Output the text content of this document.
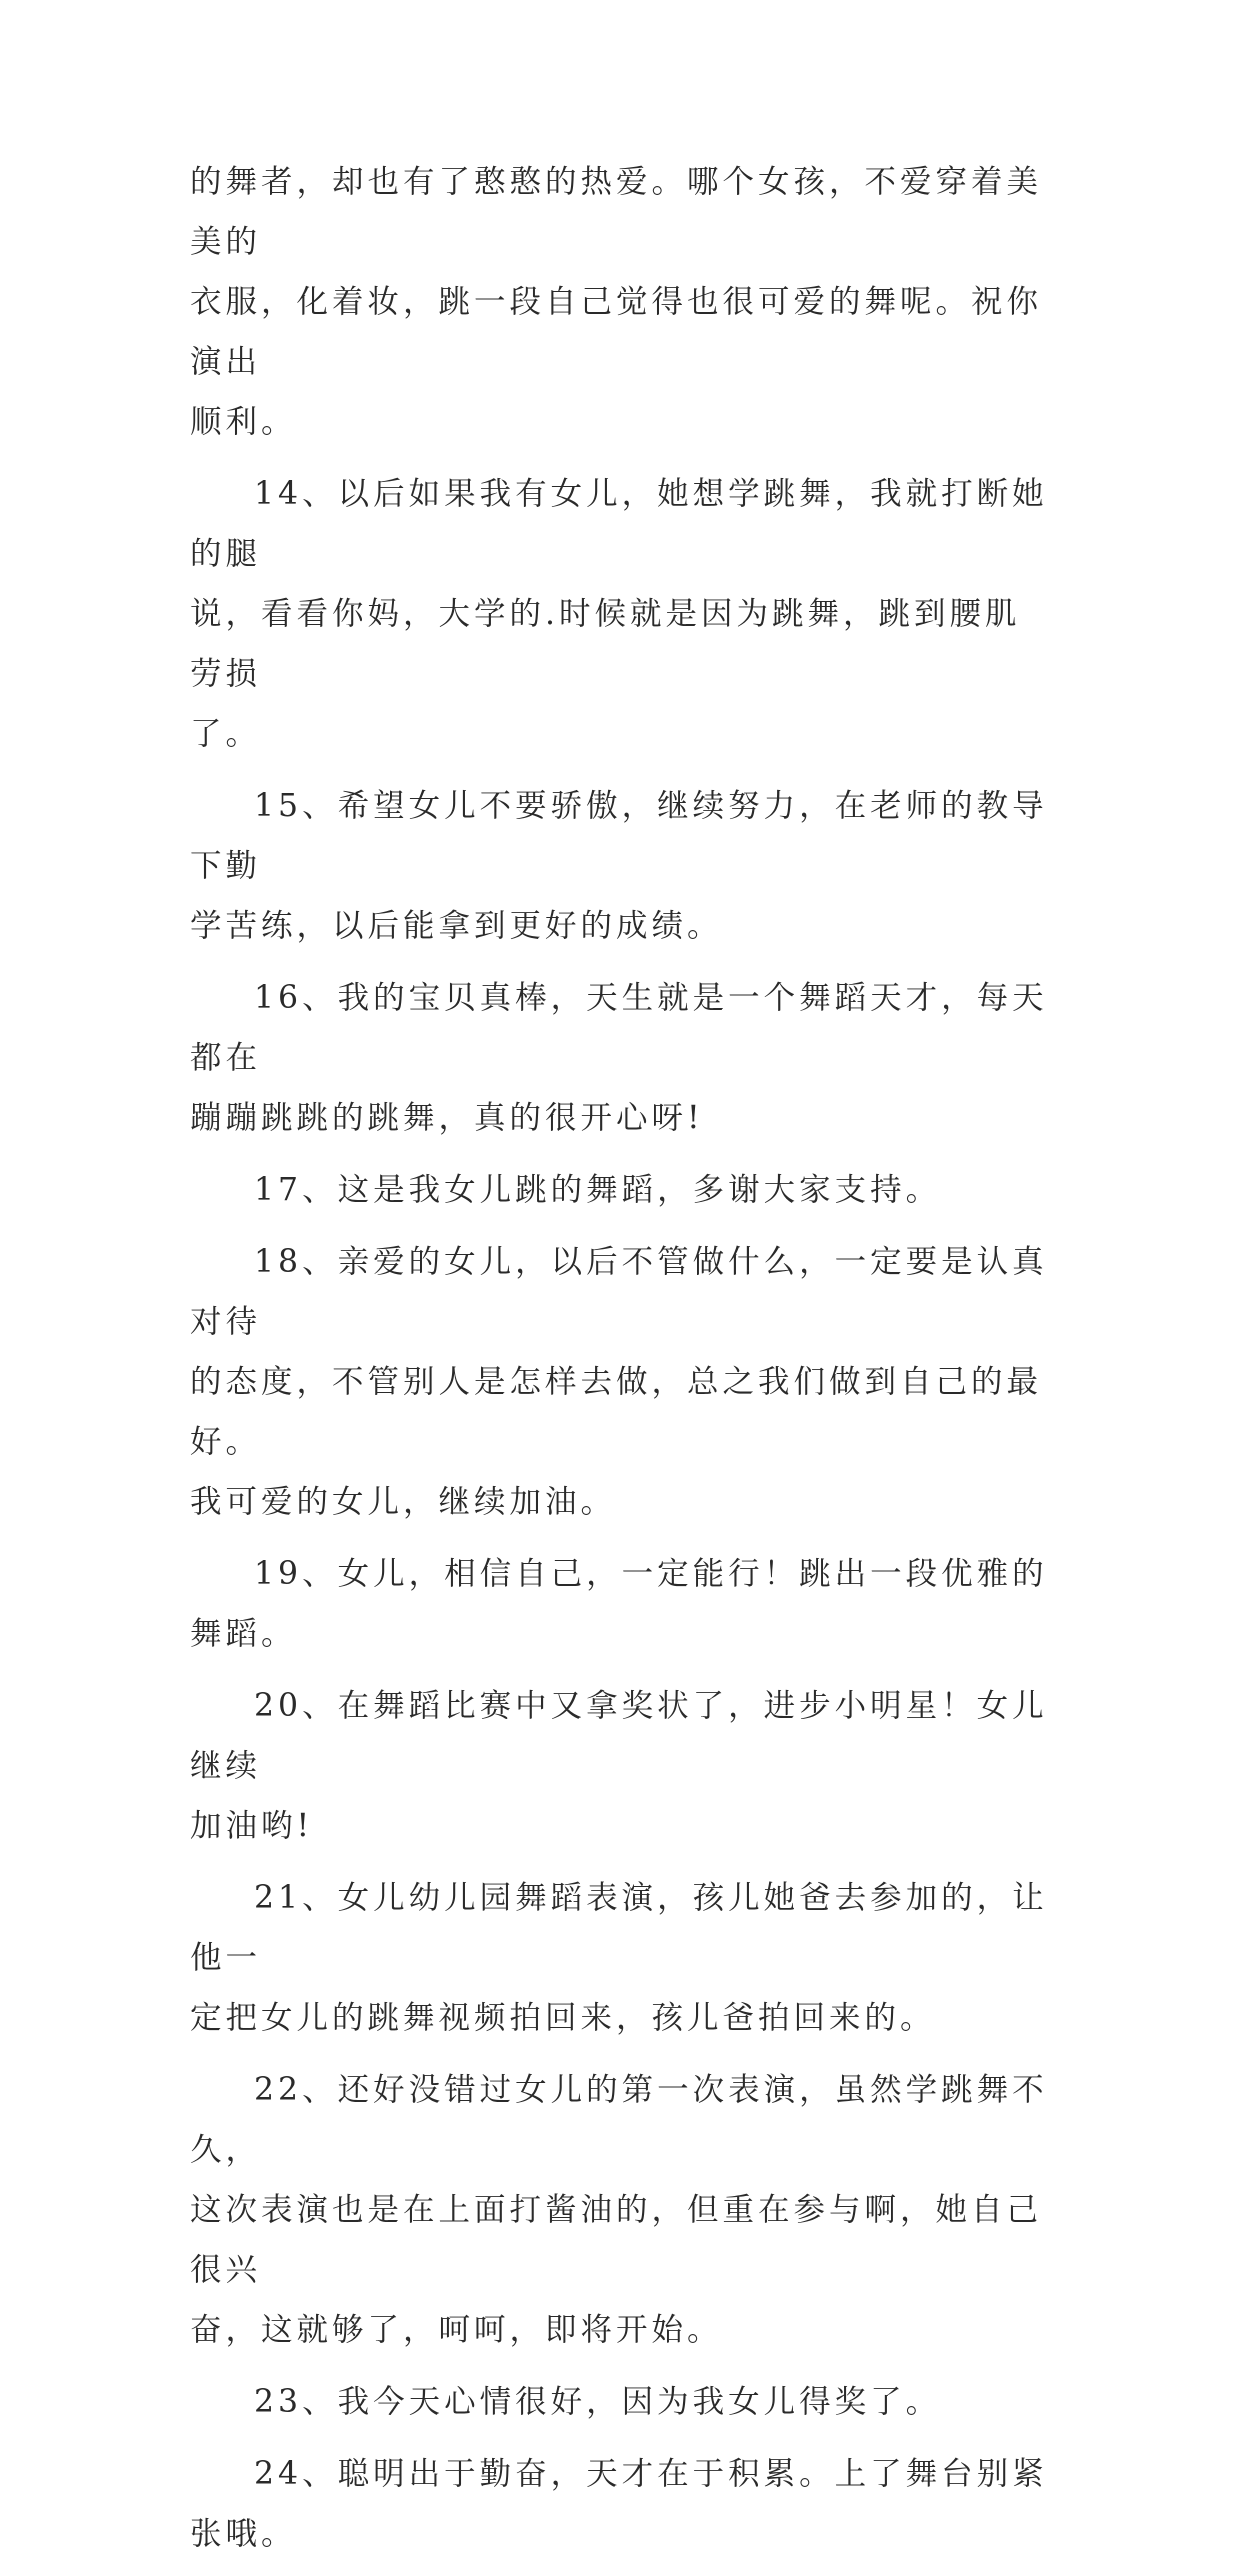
的舞者，却也有了憨憨的热爱。哪个女孩，不爱穿着美美的
衣服，化着妆，跳一段自己觉得也很可爱的舞呢。祝你演出
顺利。

14、以后如果我有女儿，她想学跳舞，我就打断她的腿
说，看看你妈，大学的.时候就是因为跳舞，跳到腰肌劳损
了。

15、希望女儿不要骄傲，继续努力，在老师的教导下勤
学苦练，以后能拿到更好的成绩。

16、我的宝贝真棒，天生就是一个舞蹈天才，每天都在
蹦蹦跳跳的跳舞，真的很开心呀!

17、这是我女儿跳的舞蹈，多谢大家支持。

18、亲爱的女儿，以后不管做什么，一定要是认真对待
的态度，不管别人是怎样去做，总之我们做到自己的最好。
我可爱的女儿，继续加油。

19、女儿，相信自己，一定能行！跳出一段优雅的舞蹈。

20、在舞蹈比赛中又拿奖状了，进步小明星！女儿继续
加油哟!

21、女儿幼儿园舞蹈表演，孩儿她爸去参加的，让他一
定把女儿的跳舞视频拍回来，孩儿爸拍回来的。

22、还好没错过女儿的第一次表演，虽然学跳舞不久，
这次表演也是在上面打酱油的，但重在参与啊，她自己很兴
奋，这就够了，呵呵，即将开始。

23、我今天心情很好，因为我女儿得奖了。

24、聪明出于勤奋，天才在于积累。上了舞台别紧张哦。
